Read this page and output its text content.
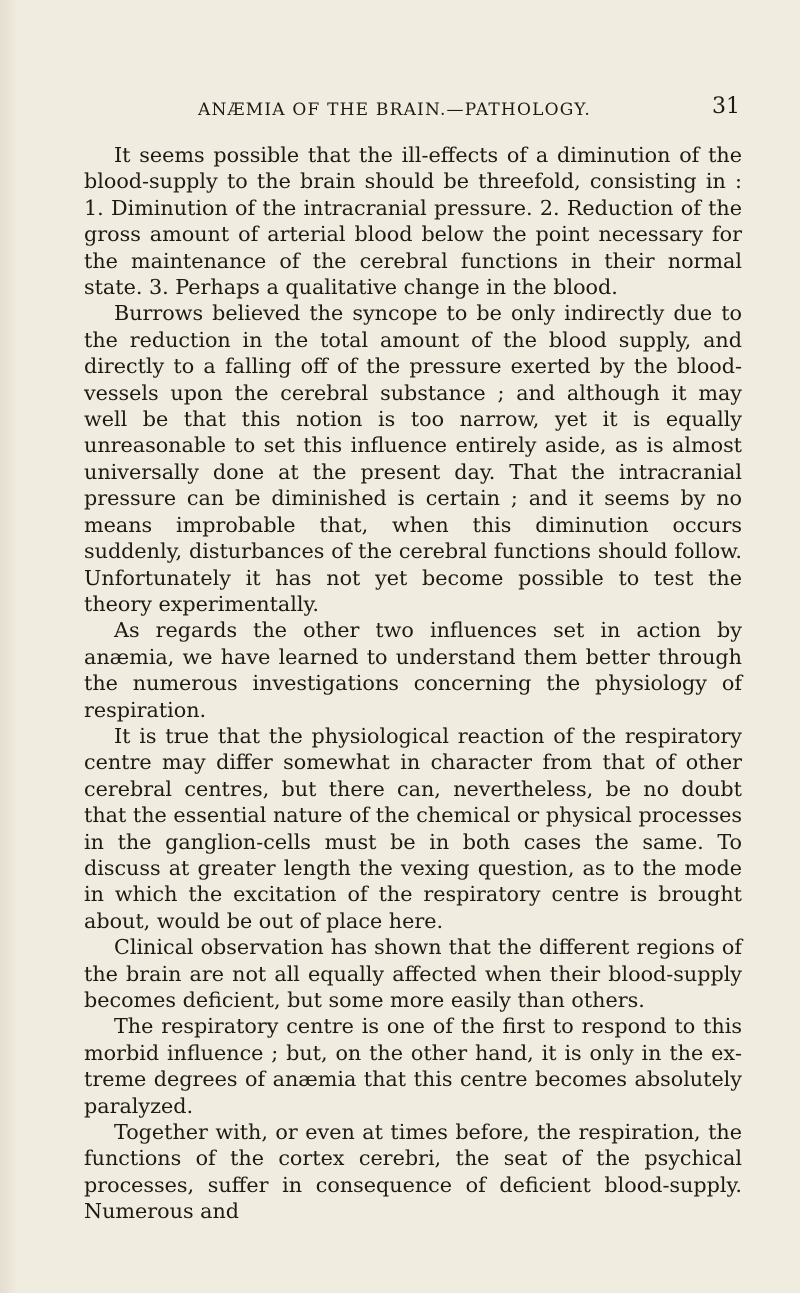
ANÆMIA OF THE BRAIN.—PATHOLOGY.	31

It seems possible that the ill-effects of a diminution of the blood-supply to the brain should be threefold, consisting in : 1. Diminution of the intracranial pressure. 2. Reduction of the gross amount of arterial blood below the point necessary for the maintenance of the cerebral functions in their normal state. 3. Perhaps a qualitative change in the blood.

Burrows believed the syncope to be only indirectly due to the reduction in the total amount of the blood supply, and directly to a falling off of the pressure exerted by the blood-vessels upon the cerebral substance ; and although it may well be that this notion is too narrow, yet it is equally unreasonable to set this influence entirely aside, as is almost universally done at the present day. That the intracranial pressure can be diminished is certain ; and it seems by no means improbable that, when this diminution occurs suddenly, disturbances of the cerebral functions should follow. Unfortunately it has not yet become possible to test the theory experimentally.

As regards the other two influences set in action by anæmia, we have learned to understand them better through the numerous investigations concerning the physiology of respiration.

It is true that the physiological reaction of the respiratory centre may differ somewhat in character from that of other cerebral centres, but there can, nevertheless, be no doubt that the essential nature of the chemical or physical processes in the ganglion-cells must be in both cases the same. To discuss at greater length the vexing question, as to the mode in which the excitation of the respiratory centre is brought about, would be out of place here.

Clinical observation has shown that the different regions of the brain are not all equally affected when their blood-supply becomes deficient, but some more easily than others.

The respiratory centre is one of the first to respond to this morbid influence ; but, on the other hand, it is only in the extreme degrees of anæmia that this centre becomes absolutely paralyzed.

Together with, or even at times before, the respiration, the functions of the cortex cerebri, the seat of the psychical processes, suffer in consequence of deficient blood-supply. Numerous and
